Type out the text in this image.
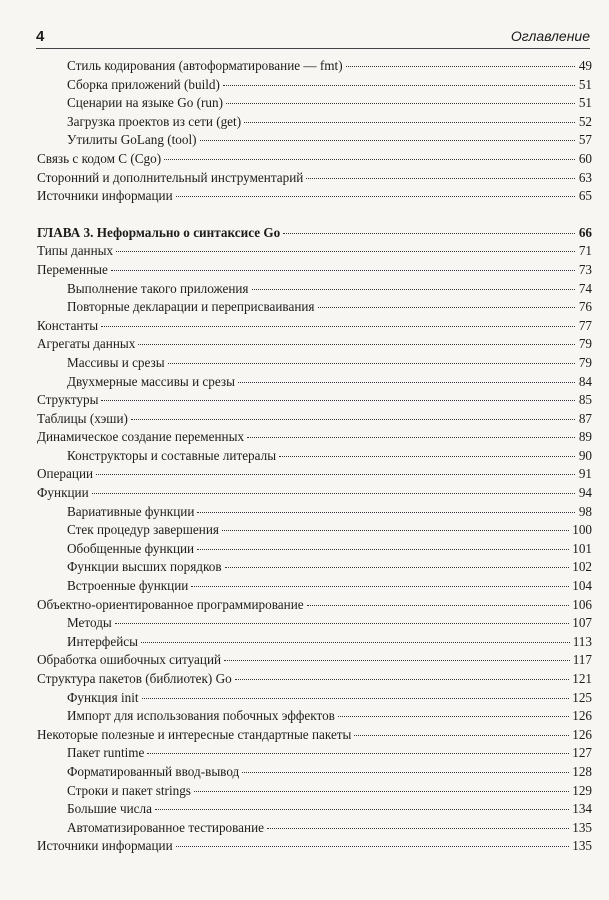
4	Оглавление
Стиль кодирования (автоформатирование — fmt)	49
Сборка приложений (build)	51
Сценарии на языке Go (run)	51
Загрузка проектов из сети (get)	52
Утилиты GoLang (tool)	57
Связь с кодом С (Cgo)	60
Сторонний и дополнительный инструментарий	63
Источники информации	65
ГЛАВА 3. Неформально о синтаксисе Go	66
Типы данных	71
Переменные	73
Выполнение такого приложения	74
Повторные декларации и переприсваивания	76
Константы	77
Агрегаты данных	79
Массивы и срезы	79
Двухмерные массивы и срезы	84
Структуры	85
Таблицы (хэши)	87
Динамическое создание переменных	89
Конструкторы и составные литералы	90
Операции	91
Функции	94
Вариативные функции	98
Стек процедур завершения	100
Обобщенные функции	101
Функции высших порядков	102
Встроенные функции	104
Объектно-ориентированное программирование	106
Методы	107
Интерфейсы	113
Обработка ошибочных ситуаций	117
Структура пакетов (библиотек) Go	121
Функция init	125
Импорт для использования побочных эффектов	126
Некоторые полезные и интересные стандартные пакеты	126
Пакет runtime	127
Форматированный ввод-вывод	128
Строки и пакет strings	129
Большие числа	134
Автоматизированное тестирование	135
Источники информации	135
